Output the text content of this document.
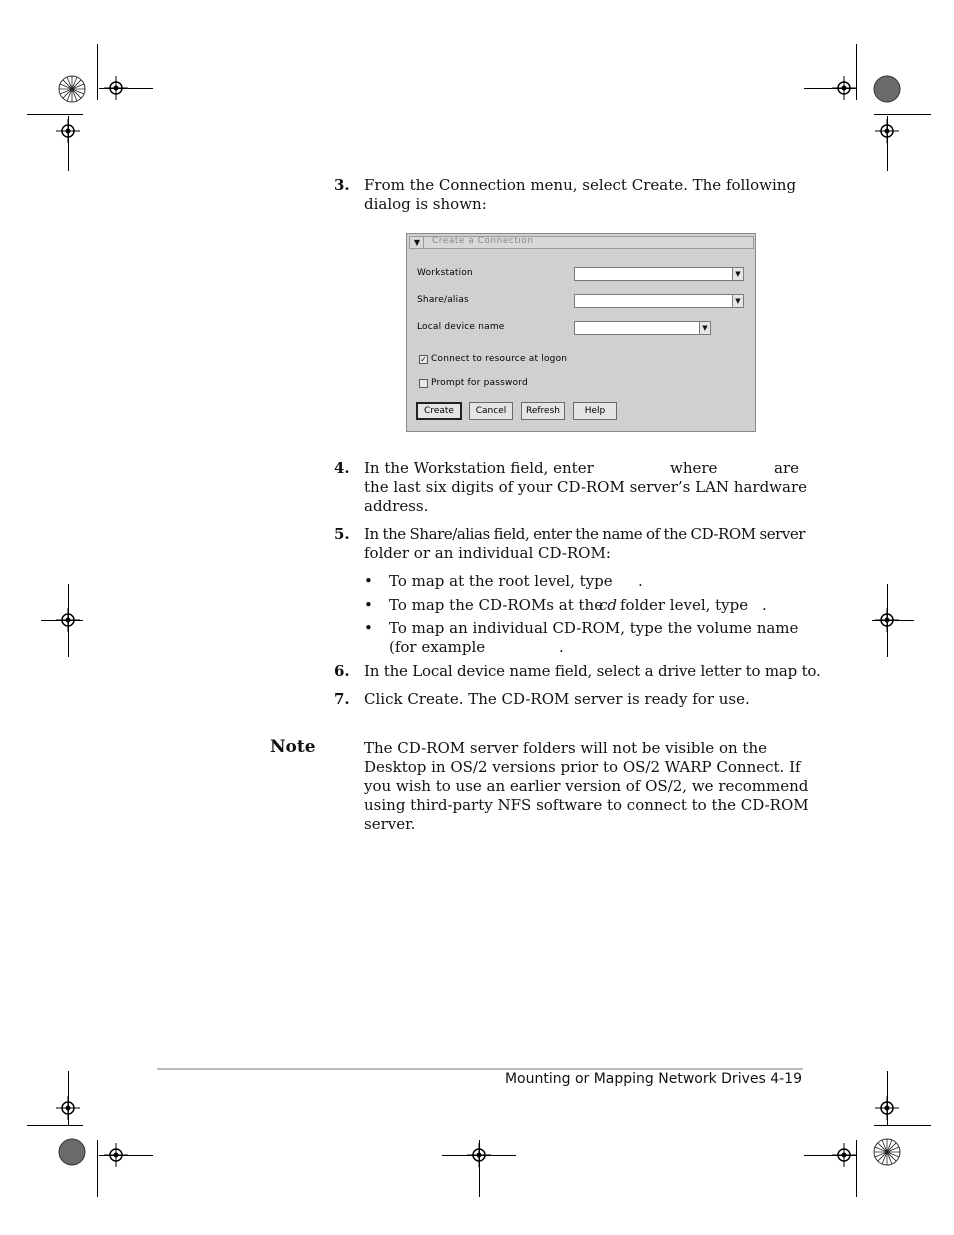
3. From the Connection menu, select Create. The following
dialog is shown:
▼	Create a Connection
Workstation	▼
Share/alias	▼
Local device name	▼
✓ Connect to resource at logon
Prompt for password
Create	Cancel	Refresh	Help
4. In the Workstation field, enter	where	are
the last six digits of your CD-ROM server’s LAN hardware
address.
5. In the Share/alias field, enter the name of the CD-ROM server
folder or an individual CD-ROM:
• To map at the root level, type .
• To map the CD-ROMs at the
cd folder level, type .
• To map an individual CD-ROM, type the volume name
(for example	.
6. In the Local device name field, select a drive letter to map to.
7. Click Create. The CD-ROM server is ready for use.
Note	The CD-ROM server folders will not be visible on the
Desktop in OS/2 versions prior to OS/2 WARP Connect. If
you wish to use an earlier version of OS/2, we recommend
using third-party NFS software to connect to the CD-ROM
server.
Mounting or Mapping Network Drives 4-19
